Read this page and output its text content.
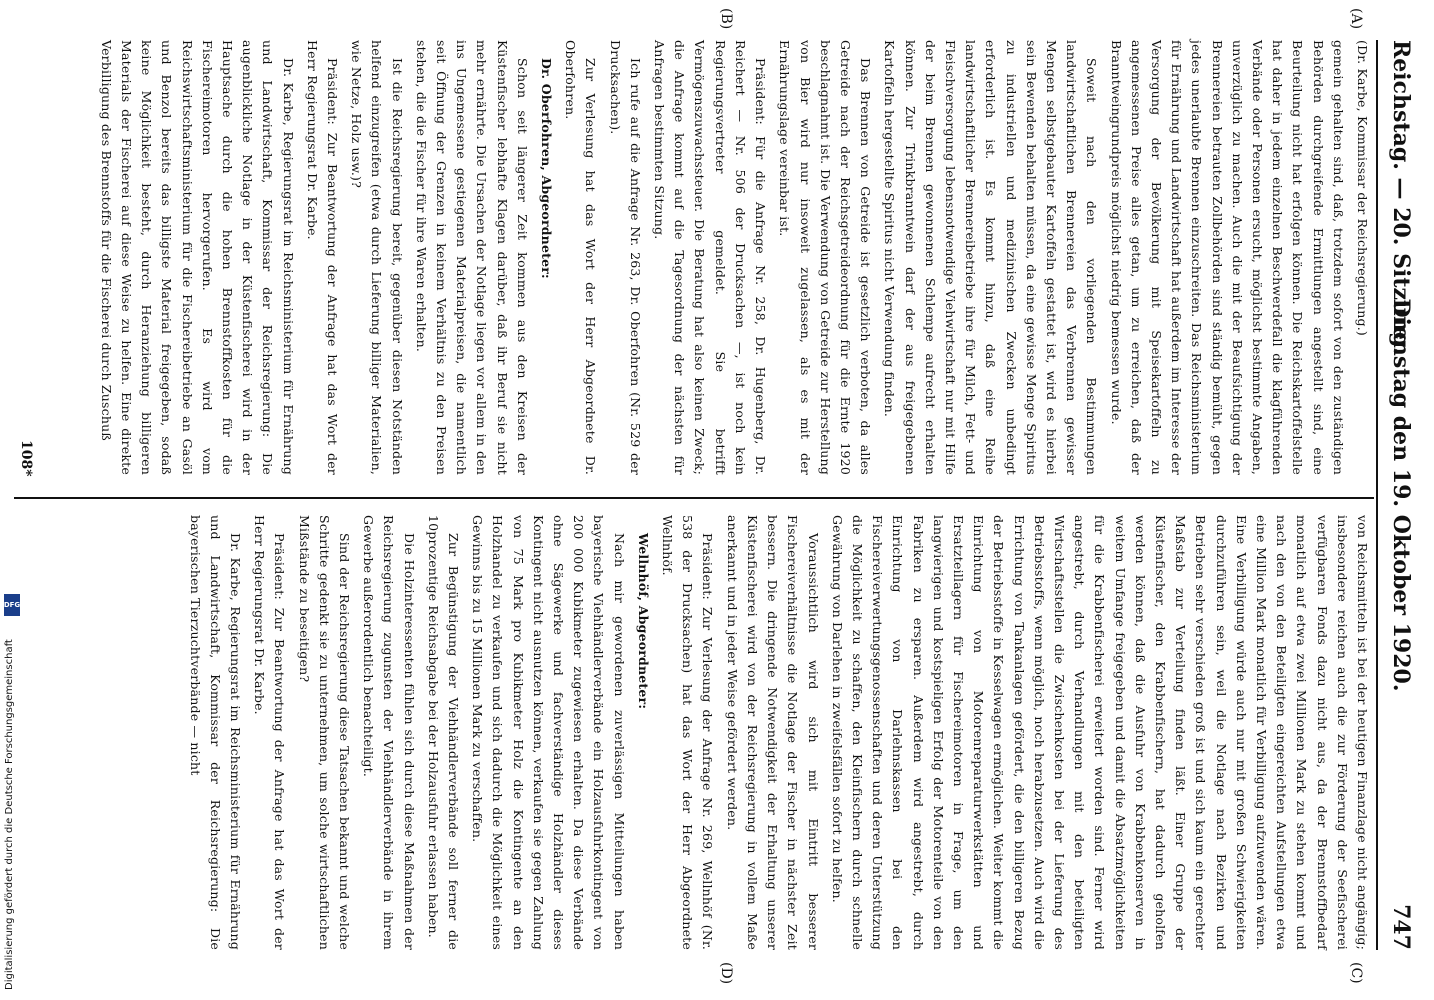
DFG
Digitalisierung gefördert durch die Deutsche Forschungsgemeinschaft
Reichstag. — 20. Sitzung.
Dienstag den 19. Oktober 1920.
747
(A)
(B)
(C)
(D)

(Dr. Karbe, Kommissar der Reichsregierung.)

gemein gehalten sind, daß, trotzdem sofort von den zuständigen Behörden durchgreifende Ermittlungen angestellt sind, eine Beurteilung nicht hat erfolgen können. Die Reichskartoffelstelle hat daher in jedem einzelnen Beschwerdefall die klagführenden Verbände oder Personen ersucht, möglichst bestimmte Angaben, unverzüglich zu machen. Auch die mit der Beaufsichtigung der Brennereien betrauten Zollbehörden sind ständig bemüht, gegen jedes unerlaubte Brennen einzuschreiten. Das Reichsministerium für Ernährung und Landwirtschaft hat außerdem im Interesse der Versorgung der Bevölkerung mit Speisekartoffeln zu angemessenen Preise alles getan, um zu erreichen, daß der Branntweingrundpreis möglichst niedrig bemessen wurde.

Soweit nach den vorliegenden Bestimmungen landwirtschaftlichen Brennereien das Verbrennen gewisser Mengen selbstgebauter Kartoffeln gestattet ist, wird es hierbei sein Bewenden behalten müssen, da eine gewisse Menge Spiritus zu industriellen und medizinischen Zwecken unbedingt erforderlich ist. Es kommt hinzu, daß eine Reihe landwirtschaftlicher Brennereibetriebe ihre für Milch, Fett- und Fleischversorgung lebensnotwendige Viehwirtschaft nur mit Hilfe der beim Brennen gewonnenen Schlempe aufrecht erhalten können. Zur Trinkbranntwein darf der aus freigegebenen Kartoffeln hergestellte Spiritus nicht Verwendung finden.

Das Brennen von Getreide ist gesetzlich verboten, da alles Getreide nach der Reichsgetreideordnung für die Ernte 1920 beschlagnahmt ist. Die Verwendung von Getreide zur Herstellung von Bier wird nur insoweit zugelassen, als es mit der Ernährungslage vereinbar ist.

Präsident: Für die Anfrage Nr. 258, Dr. Hugenberg, Dr. Reichert — Nr. 506 der Drucksachen —, ist noch kein Regierungsvertreter gemeldet. Sie betrifft Vermögenszuwachssteuer. Die Beratung hat also keinen Zweck; die Anfrage kommt auf die Tagesordnung der nächsten für Anfragen bestimmten Sitzung.

Ich rufe auf die Anfrage Nr. 263, Dr. Oberfohren (Nr. 529 der Drucksachen).

Zur Verlesung hat das Wort der Herr Abgeordnete Dr. Oberfohren.

Dr. Oberfohren, Abgeordneter:

Schon seit längerer Zeit kommen aus den Kreisen der Küstenfischer lebhafte Klagen darüber, daß ihr Beruf sie nicht mehr ernährte. Die Ursachen der Notlage liegen vor allem in den ins Ungemessene gestiegenen Materialpreisen, die namentlich seit Öffnung der Grenzen in keinem Verhältnis zu den Preisen stehen, die die Fischer für ihre Waren erhalten.

Ist die Reichsregierung bereit, gegenüber diesen Notständen helfend einzugreifen (etwa durch Lieferung billiger Materialien, wie Netze, Holz usw.)?

Präsident: Zur Beantwortung der Anfrage hat das Wort der Herr Regierungsrat Dr. Karbe.

Dr. Karbe, Regierungsrat im Reichsministerium für Ernährung und Landwirtschaft, Kommissar der Reichsregierung: Die augenblickliche Notlage in der Küstenfischerei wird in der Hauptsache durch die hohen Brennstoffkosten für die Fischereimotoren hervorgerufen. Es wird vom Reichswirtschaftsministerium für die Fischereibetriebe an Gasöl und Benzol bereits das billigste Material freigegeben, sodaß keine Möglichkeit besteht, durch Heranziehung billigeren Materials der Fischerei auf diese Weise zu helfen. Eine direkte Verbilligung des Brennstoffs für die Fischerei durch Zuschuß

von Reichsmitteln ist bei der heutigen Finanzlage nicht angängig; insbesondere reichen auch die zur Förderung der Seefischerei verfügbaren Fonds dazu nicht aus, da der Brennstoffbedarf monatlich auf etwa zwei Millionen Mark zu stehen kommt und nach den von den Beteiligten eingereichten Aufstellungen etwa eine Million Mark monatlich für Verbilligung aufzuwenden wären. Eine Verbilligung würde auch nur mit großen Schwierigkeiten durchzuführen sein, weil die Notlage nach Bezirken und Betrieben sehr verschieden groß ist und sich kaum ein gerechter Maßstab zur Verteilung finden läßt. Einer Gruppe der Küstenfischer, den Krabbenfischern, hat dadurch geholfen werden können, daß die Ausfuhr von Krabbenkonserven in weitem Umfange freigegeben und damit die Absatzmöglichkeiten für die Krabbenfischerei erweitert worden sind. Ferner wird angestrebt, durch Verhandlungen mit den beteiligten Wirtschaftsstellen die Zwischenkosten bei der Lieferung des Betriebsstoffs, wenn möglich, noch herabzusetzen. Auch wird die Errichtung von Tankanlagen gefördert, die den billigeren Bezug der Betriebsstoffe in Kesselwagen ermöglichen. Weiter kommt die Einrichtung von Motorenreparaturwerkstätten und Ersatzteillagern für Fischereimotoren in Frage, um den langwierigen und kostspieligen Erfolg der Motorenteile von den Fabriken zu ersparen. Außerdem wird angestrebt, durch Einrichtung von Darlehnskassen bei den Fischereiverwertungsgenossenschaften und deren Unterstützung die Möglichkeit zu schaffen, den Kleinfischern durch schnelle Gewährung von Darlehen in zweifelsfällen sofort zu helfen.

Voraussichtlich wird sich mit Eintritt besserer Fischereiverhältnisse die Notlage der Fischer in nächster Zeit bessern. Die dringende Notwendigkeit der Erhaltung unserer Küstenfischerei wird von der Reichsregierung in vollem Maße anerkannt und in jeder Weise gefördert werden.

Präsident: Zur Verlesung der Anfrage Nr. 269, Wellnhöf (Nr. 538 der Drucksachen) hat das Wort der Herr Abgeordnete Wellnhöf.

Wellnhöf, Abgeordneter:

Nach mir gewordenen zuverlässigen Mitteilungen haben bayerische Viehhändlerverbände ein Holzausfuhrkontingent von 200 000 Kubikmeter zugewiesen erhalten. Da diese Verbände ohne Sägewerke und fachverständige Holzhändler dieses Kontingent nicht ausnutzen können, verkaufen sie gegen Zahlung von 75 Mark pro Kubikmeter Holz die Kontingente an den Holzhandel zu verkaufen und sich dadurch die Möglichkeit eines Gewinns bis zu 15 Millionen Mark zu verschaffen.

Zur Begünstigung der Viehhändlerverbände soll ferner die 10prozentige Reichsabgabe bei der Holzausfuhr erlassen haben.

Die Holzinteressenten fühlen sich durch diese Maßnahmen der Reichsregierung zugunsten der Viehhändlerverbände in ihrem Gewerbe außerordentlich benachteiligt.

Sind der Reichsregierung diese Tatsachen bekannt und welche Schritte gedenkt sie zu unternehmen, um solche wirtschaftlichen Mißstände zu beseitigen?

Präsident: Zur Beantwortung der Anfrage hat das Wort der Herr Regierungsrat Dr. Karbe.

Dr. Karbe, Regierungsrat im Reichsministerium für Ernährung und Landwirtschaft, Kommissar der Reichsregierung: Die bayerischen Tierzuchtverbände — nicht

108*
